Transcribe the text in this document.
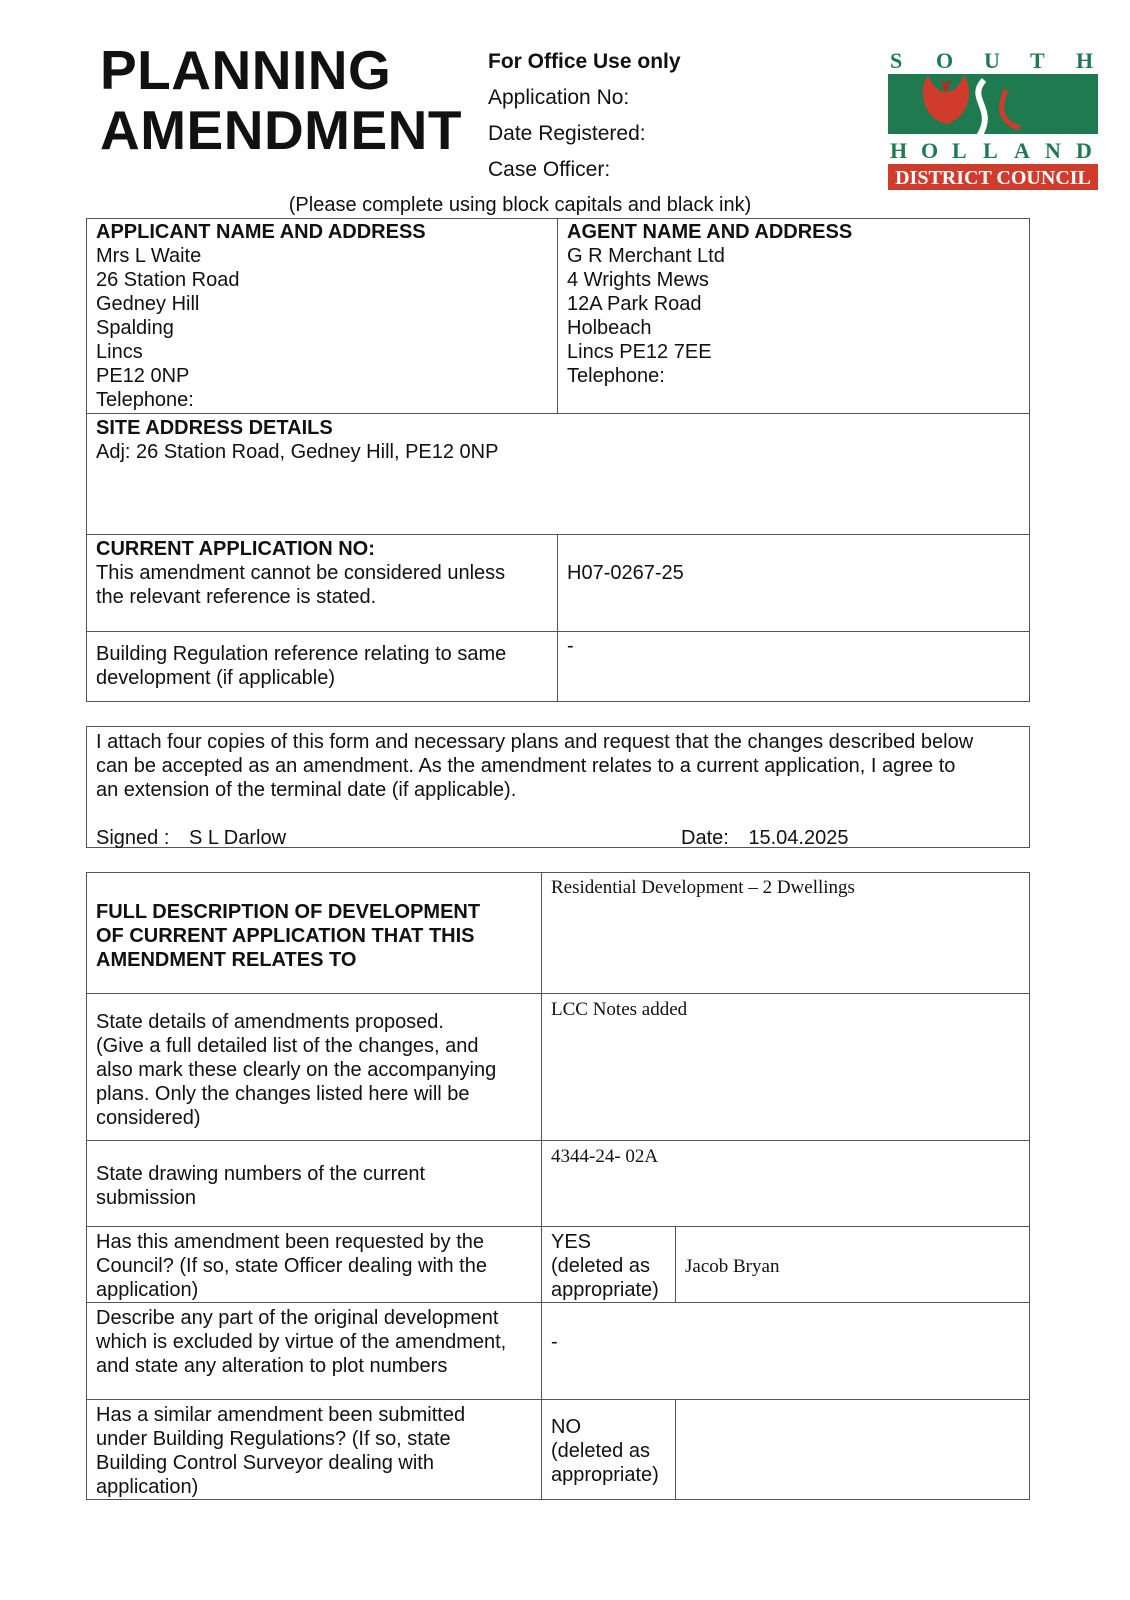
PLANNING
AMENDMENT
For Office Use only
Application No:
Date Registered:
Case Officer:
S O U T H
H O L L A N D
DISTRICT COUNCIL
(Please complete using block capitals and black ink)
APPLICANT NAME AND ADDRESS
Mrs L Waite
26 Station Road
Gedney Hill
Spalding
Lincs
PE12 0NP
Telephone:
AGENT NAME AND ADDRESS
G R Merchant Ltd
4 Wrights Mews
12A Park Road
Holbeach
Lincs PE12 7EE
Telephone:
SITE ADDRESS DETAILS
Adj: 26 Station Road, Gedney Hill, PE12 0NP
CURRENT APPLICATION NO:
This amendment cannot be considered unless
the relevant reference is stated.
H07-0267-25
Building Regulation reference relating to same
development (if applicable)
-
I attach four copies of this form and necessary plans and request that the changes described below
can be accepted as an amendment. As the amendment relates to a current application, I agree to
an extension of the terminal date (if applicable).
Signed : S L Darlow	Date: 15.04.2025
FULL DESCRIPTION OF DEVELOPMENT
OF CURRENT APPLICATION THAT THIS
AMENDMENT RELATES TO
Residential Development – 2 Dwellings
State details of amendments proposed.
(Give a full detailed list of the changes, and
also mark these clearly on the accompanying
plans. Only the changes listed here will be
considered)
LCC Notes added
State drawing numbers of the current
submission
4344-24- 02A
Has this amendment been requested by the
Council? (If so, state Officer dealing with the
application)
YES
(deleted as
appropriate)
Jacob Bryan
Describe any part of the original development
which is excluded by virtue of the amendment,
and state any alteration to plot numbers
-
Has a similar amendment been submitted
under Building Regulations? (If so, state
Building Control Surveyor dealing with
application)
NO
(deleted as
appropriate)
